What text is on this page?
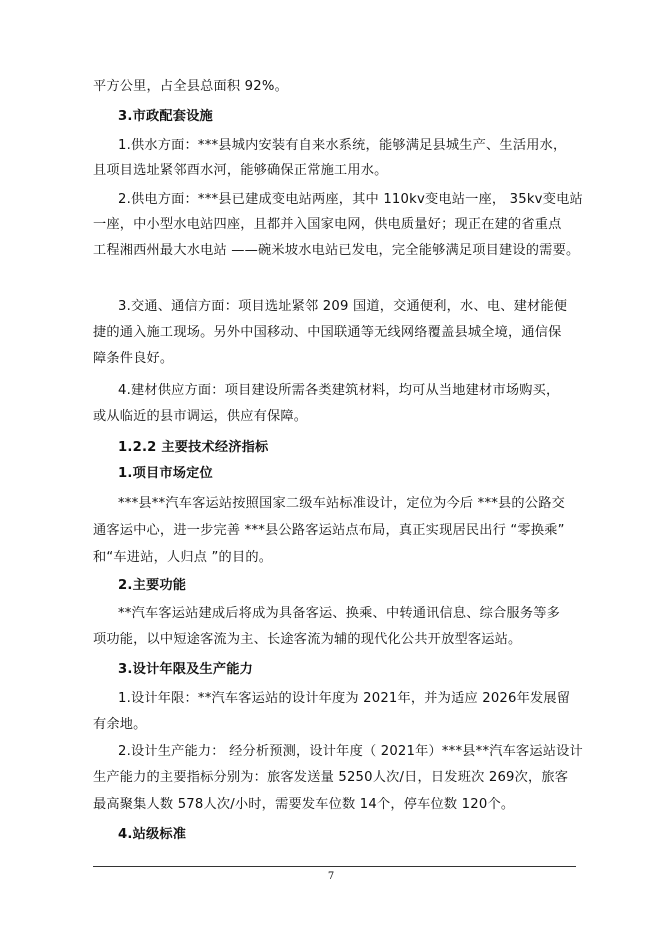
平方公里，占全县总面积 92%。
3.市政配套设施
1.供水方面：***县城内安装有自来水系统，能够满足县城生产、生活用水，
且项目选址紧邻酉水河，能够确保正常施工用水。
2.供电方面：***县已建成变电站两座，其中 110kv变电站一座， 35kv变电站
一座，中小型水电站四座，且都并入国家电网，供电质量好；现正在建的省重点
工程湘西州最大水电站 ——碗米坡水电站已发电，完全能够满足项目建设的需要。
3.交通、通信方面：项目选址紧邻 209 国道，交通便利，水、电、建材能便
捷的通入施工现场。另外中国移动、中国联通等无线网络覆盖县城全境，通信保
障条件良好。
4.建材供应方面：项目建设所需各类建筑材料，均可从当地建材市场购买，
或从临近的县市调运，供应有保障。
1.2.2 主要技术经济指标
1.项目市场定位
***县**汽车客运站按照国家二级车站标准设计，定位为今后 ***县的公路交
通客运中心，进一步完善 ***县公路客运站点布局，真正实现居民出行 “零换乘”
和“车进站，人归点 ”的目的。
2.主要功能
**汽车客运站建成后将成为具备客运、换乘、中转通讯信息、综合服务等多
项功能，以中短途客流为主、长途客流为辅的现代化公共开放型客运站。
3.设计年限及生产能力
1.设计年限：**汽车客运站的设计年度为 2021年，并为适应 2026年发展留
有余地。
2.设计生产能力： 经分析预测，设计年度（ 2021年）***县**汽车客运站设计
生产能力的主要指标分别为：旅客发送量 5250人次/日，日发班次 269次，旅客
最高聚集人数 578人次/小时，需要发车位数 14个，停车位数 120个。
4.站级标准
7
